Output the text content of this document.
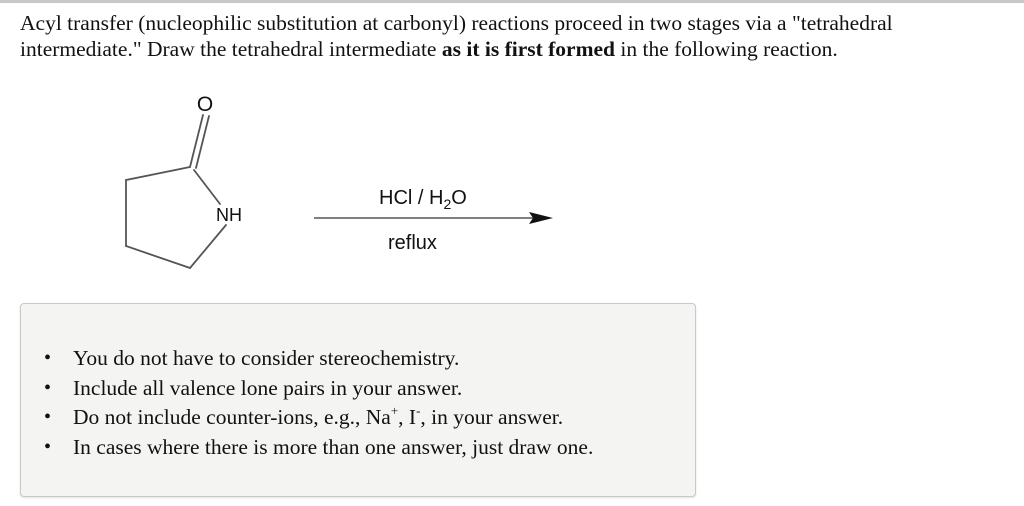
Acyl transfer (nucleophilic substitution at carbonyl) reactions proceed in two stages via a "tetrahedral intermediate." Draw the tetrahedral intermediate as it is first formed in the following reaction.

O
NH
HCl / $H_2O$
reflux
• You do not have to consider stereochemistry.
• Include all valence lone pairs in your answer.
• Do not include counter-ions, e.g., Na+, I-, in your answer.
• In cases where there is more than one answer, just draw one.
